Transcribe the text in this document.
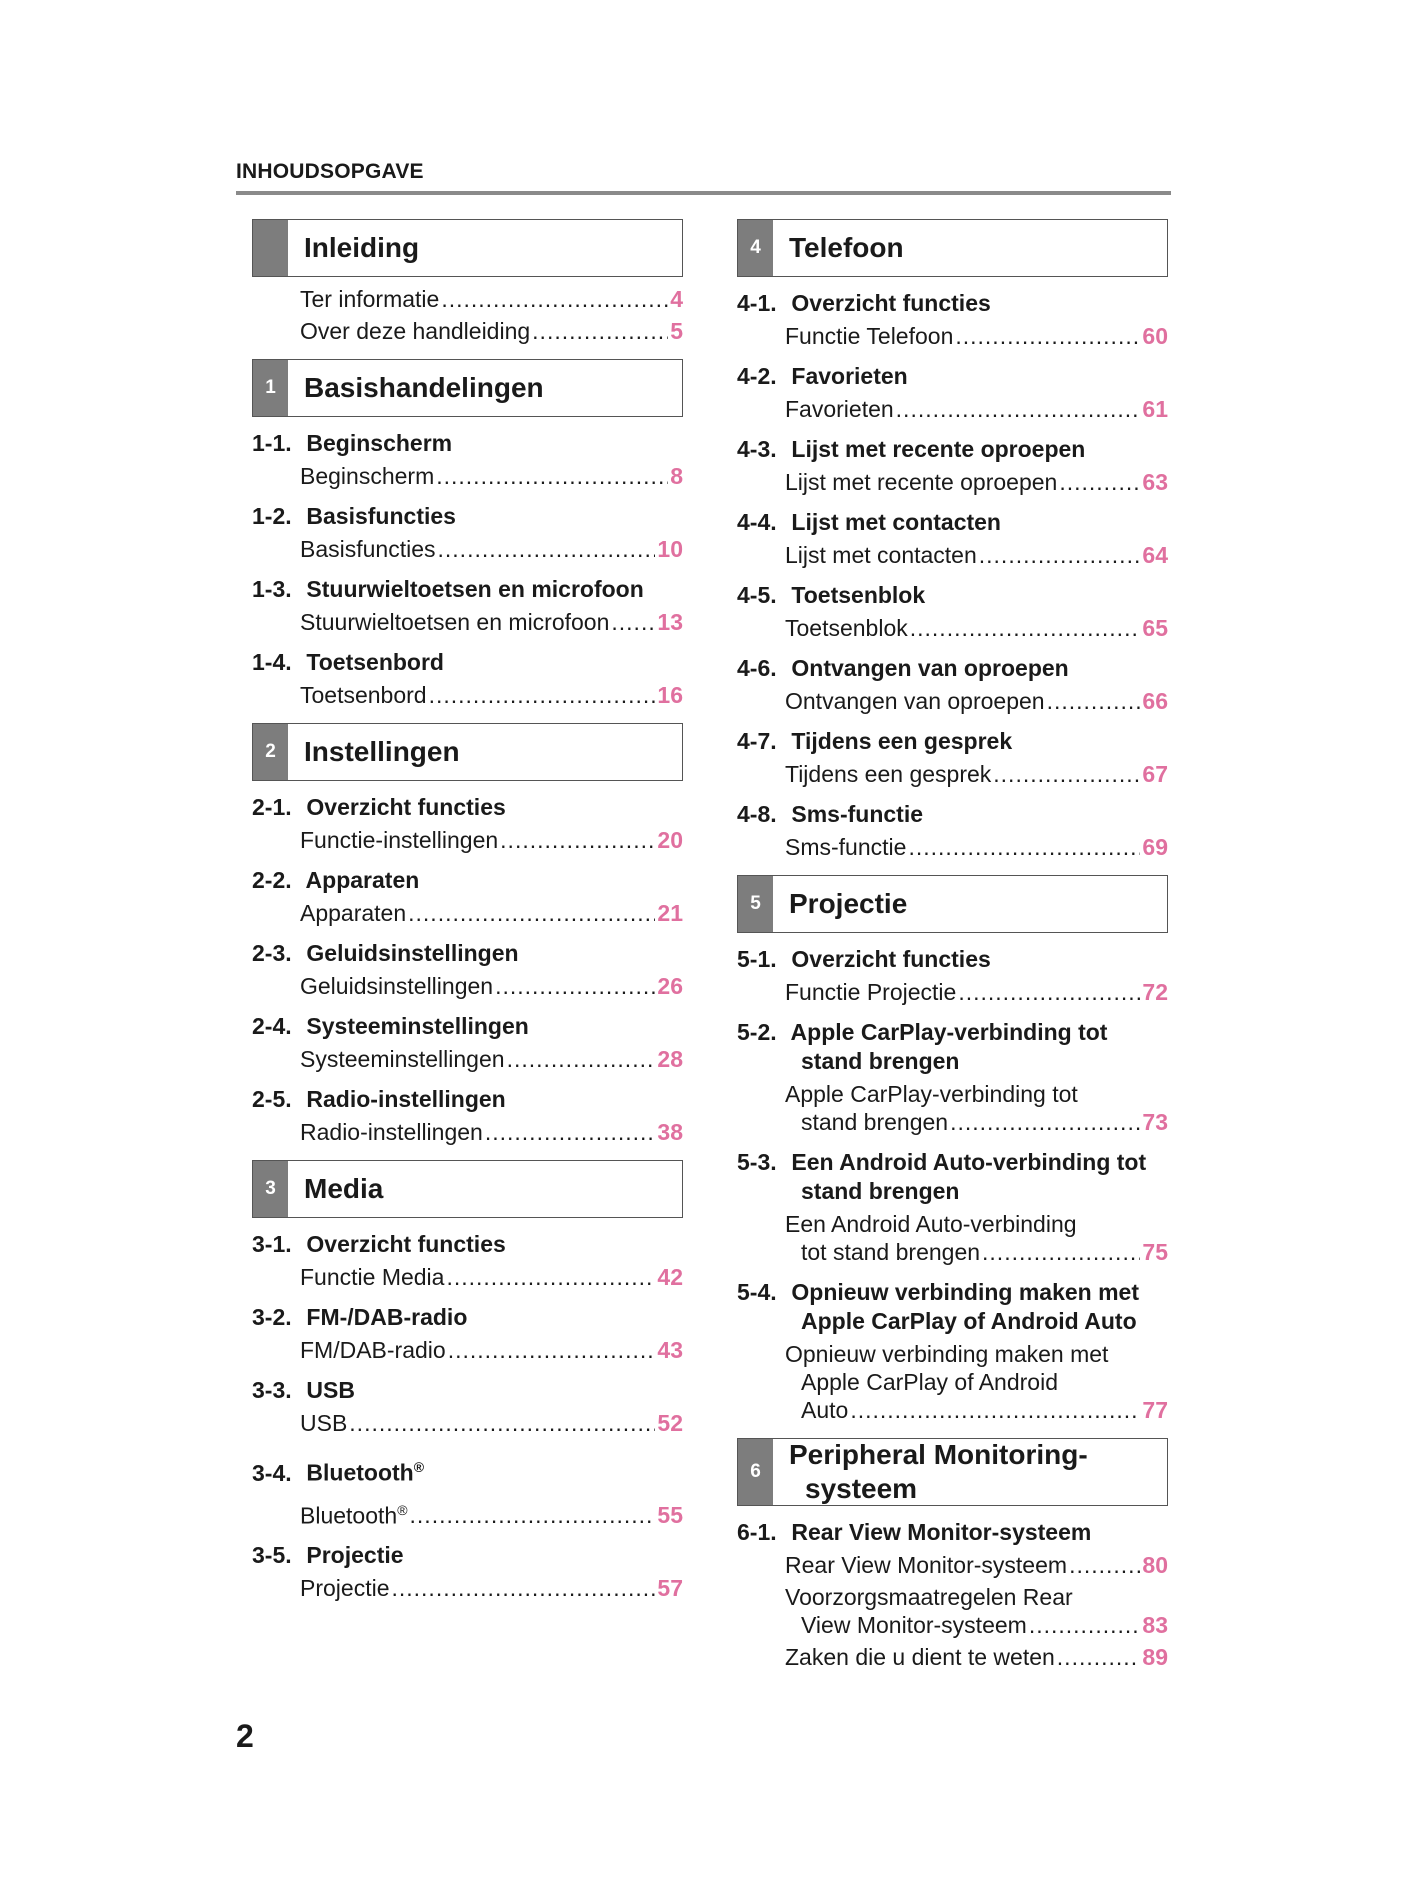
INHOUDSOPGAVE
Inleiding
Ter informatie .....	4
Over deze handleiding .....	5
1	Basishandelingen
1-1. Beginscherm
Beginscherm .....	8
1-2. Basisfuncties
Basisfuncties .....	10
1-3. Stuurwieltoetsen en microfoon
Stuurwieltoetsen en microfoon ..... 13
1-4. Toetsenbord
Toetsenbord .....	16
2	Instellingen
2-1. Overzicht functies
Functie-instellingen .....	20
2-2. Apparaten
Apparaten .....	21
2-3. Geluidsinstellingen
Geluidsinstellingen .....	26
2-4. Systeeminstellingen
Systeeminstellingen .....	28
2-5. Radio-instellingen
Radio-instellingen .....	38
3	Media
3-1. Overzicht functies
Functie Media .....	42
3-2. FM-/DAB-radio
FM/DAB-radio .....	43
3-3. USB
USB .....	52
3-4. Bluetooth®
Bluetooth® .....	55
3-5. Projectie
Projectie .....	57
4	Telefoon
4-1. Overzicht functies
Functie Telefoon .....	60
4-2. Favorieten
Favorieten .....	61
4-3. Lijst met recente oproepen
Lijst met recente oproepen .....	63
4-4. Lijst met contacten
Lijst met contacten .....	64
4-5. Toetsenblok
Toetsenblok .....	65
4-6. Ontvangen van oproepen
Ontvangen van oproepen .....	66
4-7. Tijdens een gesprek
Tijdens een gesprek .....	67
4-8. Sms-functie
Sms-functie .....	69
5	Projectie
5-1. Overzicht functies
Functie Projectie .....	72
5-2. Apple CarPlay-verbinding tot
stand brengen
Apple CarPlay-verbinding tot
stand brengen .....	73
5-3. Een Android Auto-verbinding tot
stand brengen
Een Android Auto-verbinding
tot stand brengen .....	75
5-4. Opnieuw verbinding maken met
Apple CarPlay of Android Auto
Opnieuw verbinding maken met
Apple CarPlay of Android
Auto .....	77
6
Peripheral Monitoring-
systeem
6-1. Rear View Monitor-systeem
Rear View Monitor-systeem .....	80
Voorzorgsmaatregelen Rear
View Monitor-systeem .....	83
Zaken die u dient te weten .....	89
2
